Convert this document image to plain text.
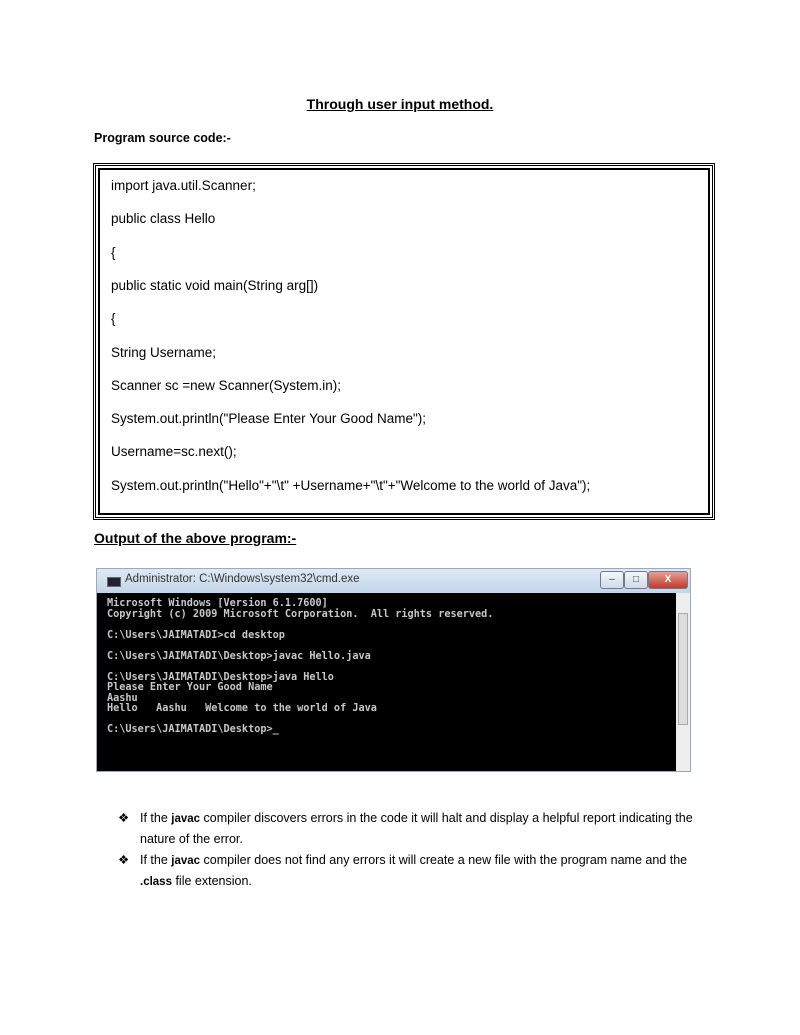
Through user input method.
Program source code:-
import java.util.Scanner;
public class Hello
{
public static void main(String arg[])
{
String Username;
Scanner sc =new Scanner(System.in);
System.out.println("Please Enter Your Good Name");
Username=sc.next();
System.out.println("Hello"+"\t" +Username+"\t"+"Welcome to the world of Java");
Output of the above program:-
Administrator: C:\Windows\system32\cmd.exe	–	□	X
Microsoft Windows [Version 6.1.7600]
Copyright (c) 2009 Microsoft Corporation.  All rights reserved.

C:\Users\JAIMATADI>cd desktop

C:\Users\JAIMATADI\Desktop>javac Hello.java

C:\Users\JAIMATADI\Desktop>java Hello
Please Enter Your Good Name
Aashu
Hello   Aashu   Welcome to the world of Java

C:\Users\JAIMATADI\Desktop>_
❖ If the javac compiler discovers errors in the code it will halt and display a helpful report indicating the nature of the error.
❖ If the javac compiler does not find any errors it will create a new file with the program name and the .class file extension.
